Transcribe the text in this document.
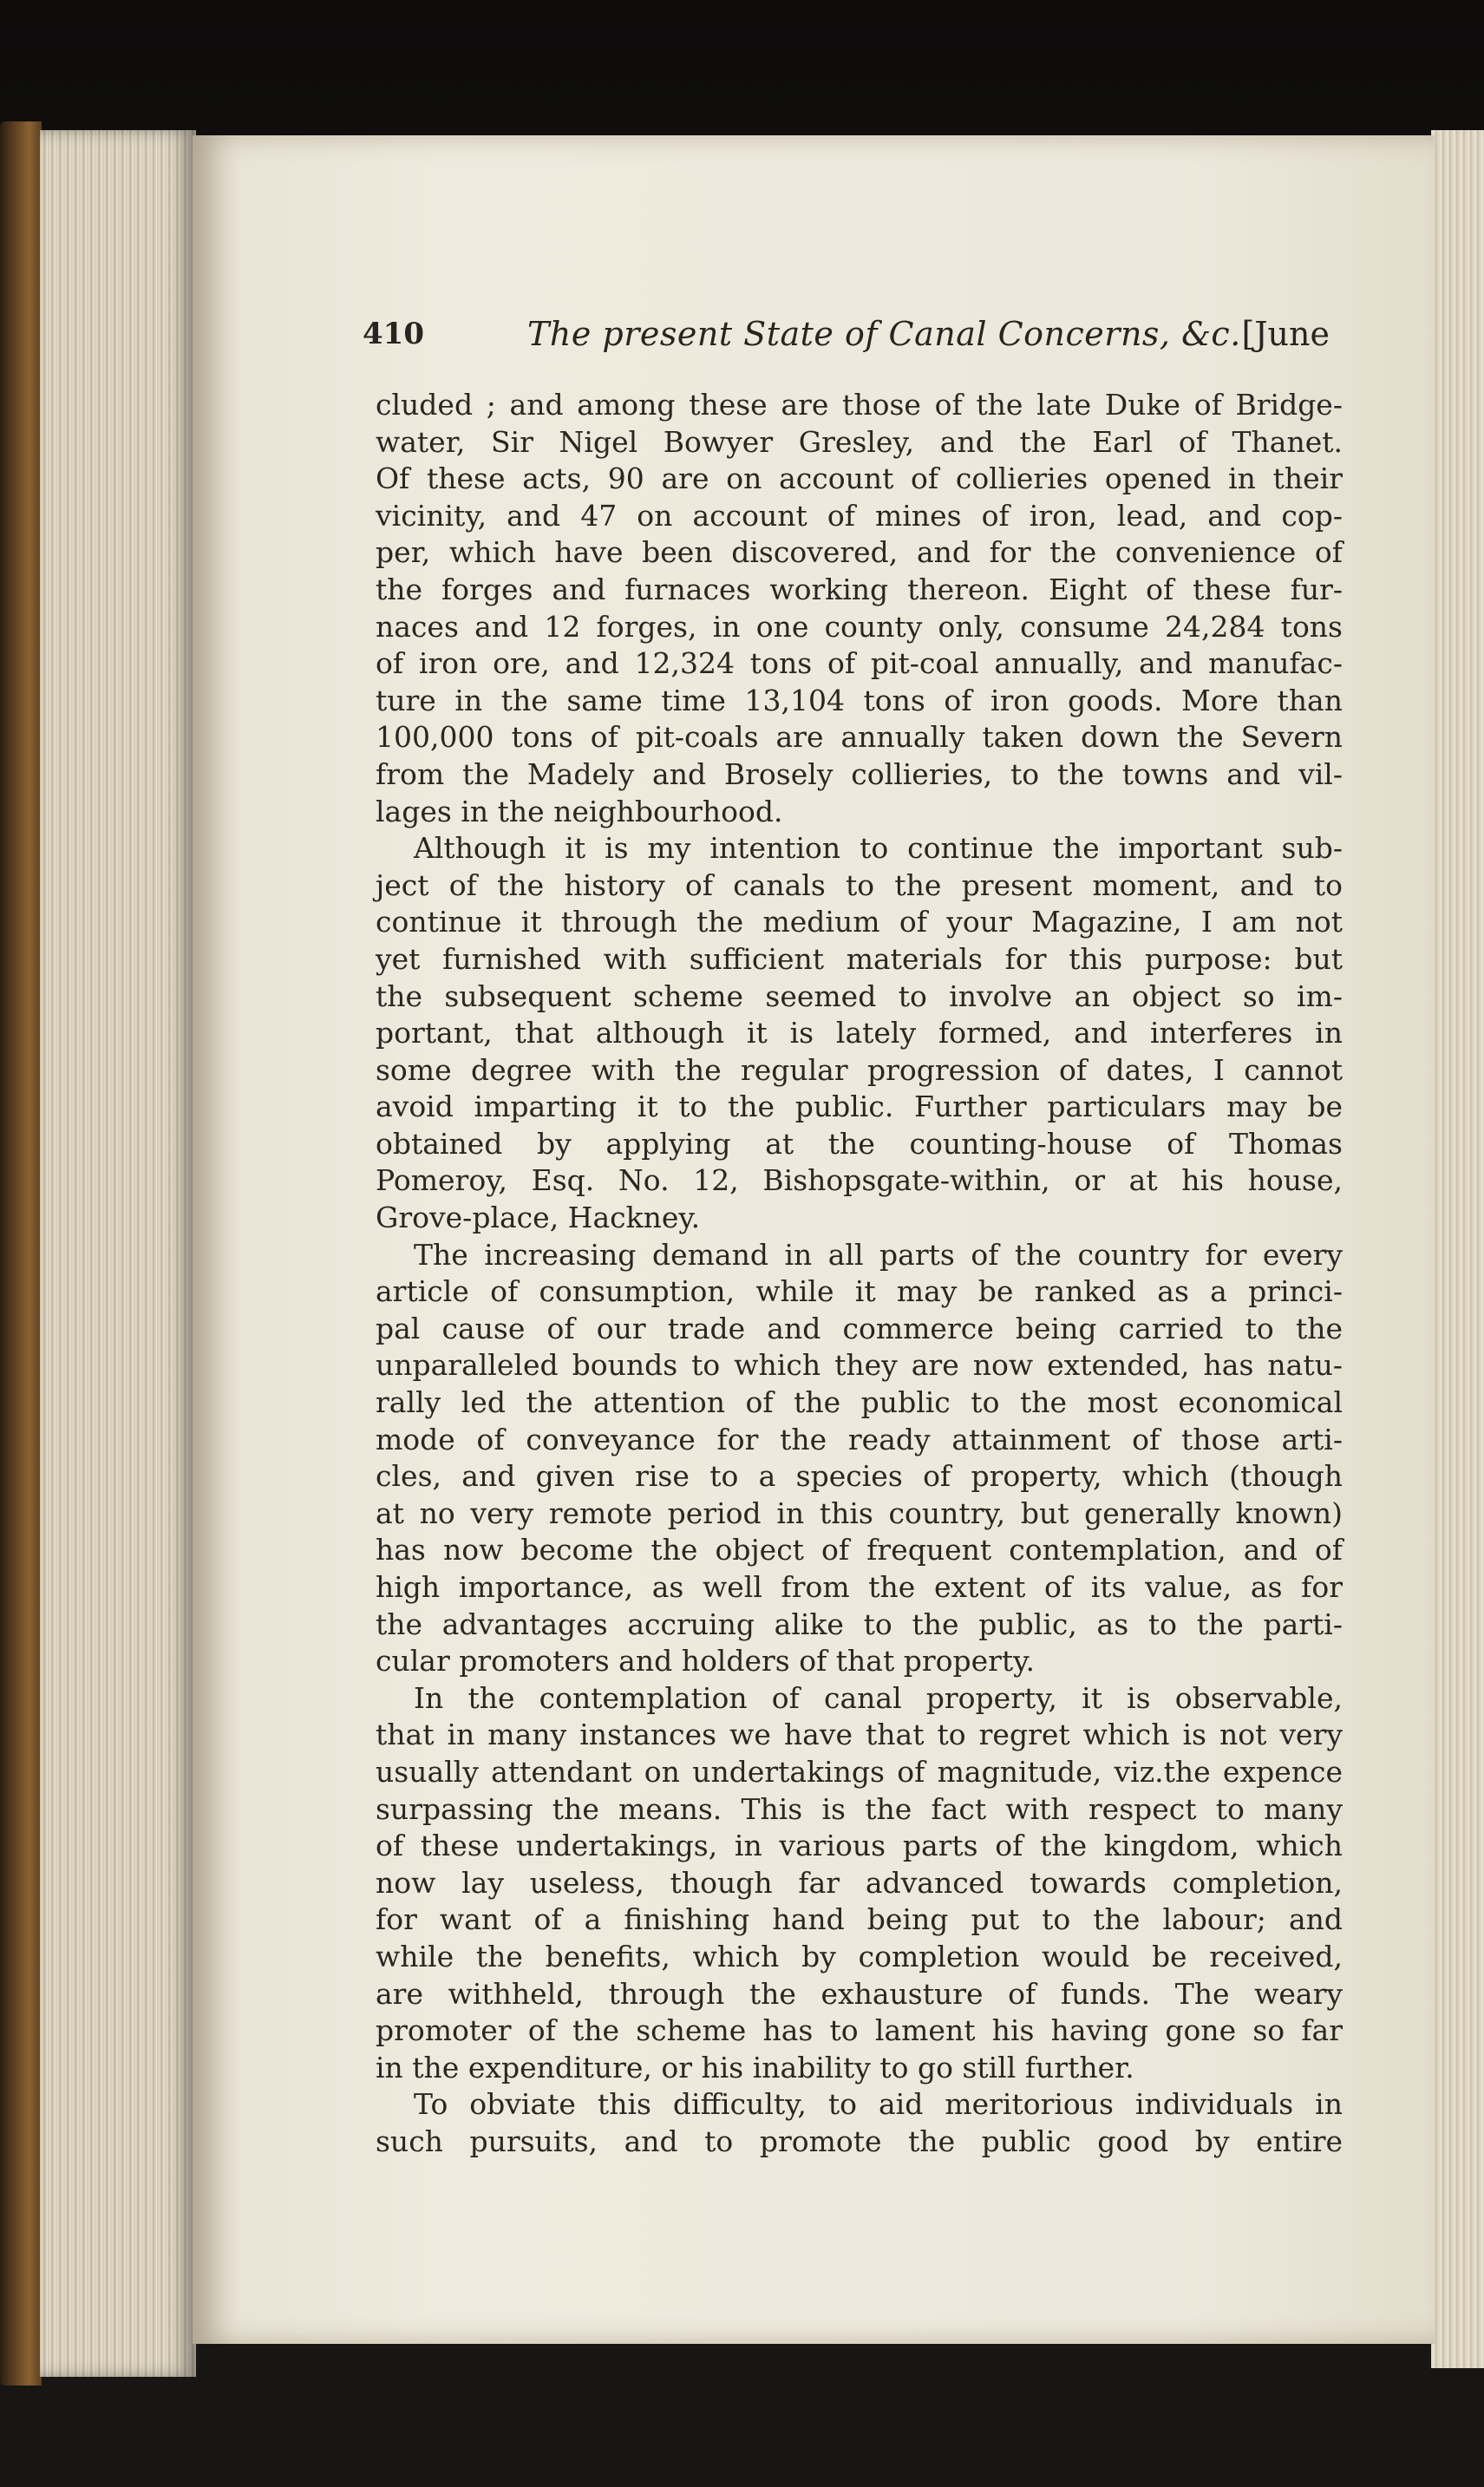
410	The present State of Canal Concerns, &c. [June
cluded ; and among these are those of the late Duke of Bridge-
water, Sir Nigel Bowyer Gresley, and the Earl of Thanet.
Of these acts, 90 are on account of collieries opened in their
vicinity, and 47 on account of mines of iron, lead, and cop-
per, which have been discovered, and for the convenience of
the forges and furnaces working thereon. Eight of these fur-
naces and 12 forges, in one county only, consume 24,284 tons
of iron ore, and 12,324 tons of pit-coal annually, and manufac-
ture in the same time 13,104 tons of iron goods. More than
100,000 tons of pit-coals are annually taken down the Severn
from the Madely and Brosely collieries, to the towns and vil-
lages in the neighbourhood.
Although it is my intention to continue the important sub-
ject of the history of canals to the present moment, and to
continue it through the medium of your Magazine, I am not
yet furnished with sufficient materials for this purpose: but
the subsequent scheme seemed to involve an object so im-
portant, that although it is lately formed, and interferes in
some degree with the regular progression of dates, I cannot
avoid imparting it to the public. Further particulars may be
obtained by applying at the counting-house of Thomas
Pomeroy, Esq. No. 12, Bishopsgate-within, or at his house,
Grove-place, Hackney.
The increasing demand in all parts of the country for every
article of consumption, while it may be ranked as a princi-
pal cause of our trade and commerce being carried to the
unparalleled bounds to which they are now extended, has natu-
rally led the attention of the public to the most economical
mode of conveyance for the ready attainment of those arti-
cles, and given rise to a species of property, which (though
at no very remote period in this country, but generally known)
has now become the object of frequent contemplation, and of
high importance, as well from the extent of its value, as for
the advantages accruing alike to the public, as to the parti-
cular promoters and holders of that property.
In the contemplation of canal property, it is observable,
that in many instances we have that to regret which is not very
usually attendant on undertakings of magnitude, viz.the expence
surpassing the means. This is the fact with respect to many
of these undertakings, in various parts of the kingdom, which
now lay useless, though far advanced towards completion,
for want of a finishing hand being put to the labour; and
while the benefits, which by completion would be received,
are withheld, through the exhausture of funds. The weary
promoter of the scheme has to lament his having gone so far
in the expenditure, or his inability to go still further.
To obviate this difficulty, to aid meritorious individuals in
such pursuits, and to promote the public good by entire
